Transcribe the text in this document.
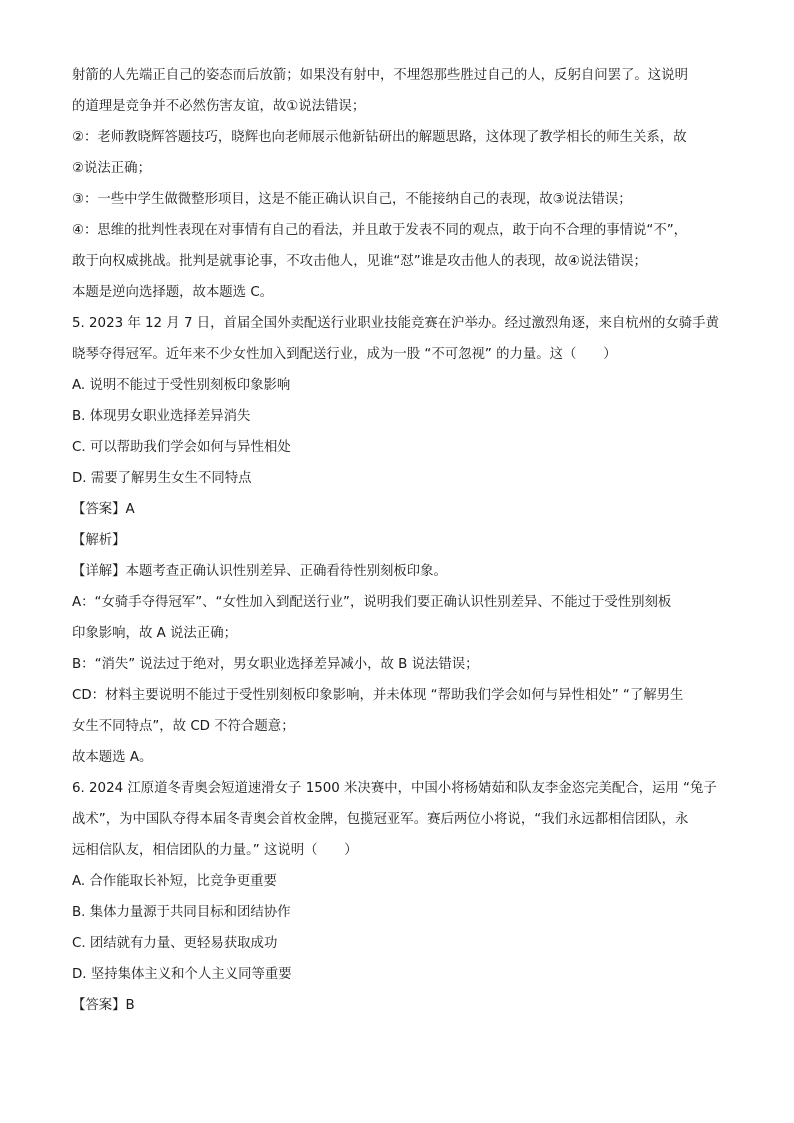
射箭的人先端正自己的姿态而后放箭；如果没有射中，不埋怨那些胜过自己的人，反躬自问罢了。这说明
的道理是竞争并不必然伤害友谊，故①说法错误；
②：老师教晓辉答题技巧，晓辉也向老师展示他新钻研出的解题思路，这体现了教学相长的师生关系，故
②说法正确；
③：一些中学生做微整形项目，这是不能正确认识自己，不能接纳自己的表现，故③说法错误；
④：思维的批判性表现在对事情有自己的看法，并且敢于发表不同的观点，敢于向不合理的事情说“不”，
敢于向权威挑战。批判是就事论事，不攻击他人，见谁“怼”谁是攻击他人的表现，故④说法错误；
本题是逆向选择题，故本题选 C。
5. 2023 年 12 月 7 日，首届全国外卖配送行业职业技能竞赛在沪举办。经过激烈角逐，来自杭州的女骑手黄
晓琴夺得冠军。近年来不少女性加入到配送行业，成为一股 “不可忽视” 的力量。这（　　）
A. 说明不能过于受性别刻板印象影响
B. 体现男女职业选择差异消失
C. 可以帮助我们学会如何与异性相处
D. 需要了解男生女生不同特点
【答案】A
【解析】
【详解】本题考查正确认识性别差异、正确看待性别刻板印象。
A：“女骑手夺得冠军”、“女性加入到配送行业”，说明我们要正确认识性别差异、不能过于受性别刻板
印象影响，故 A 说法正确；
B：“消失” 说法过于绝对，男女职业选择差异减小，故 B 说法错误；
CD：材料主要说明不能过于受性别刻板印象影响，并未体现 “帮助我们学会如何与异性相处” “了解男生
女生不同特点”，故 CD 不符合题意；
故本题选 A。
6. 2024 江原道冬青奥会短道速滑女子 1500 米决赛中，中国小将杨婧茹和队友李金恣完美配合，运用 “兔子
战术”，为中国队夺得本届冬青奥会首枚金牌，包揽冠亚军。赛后两位小将说，“我们永远都相信团队，永
远相信队友，相信团队的力量。” 这说明（　　）
A. 合作能取长补短，比竞争更重要
B. 集体力量源于共同目标和团结协作
C. 团结就有力量、更轻易获取成功
D. 坚持集体主义和个人主义同等重要
【答案】B
